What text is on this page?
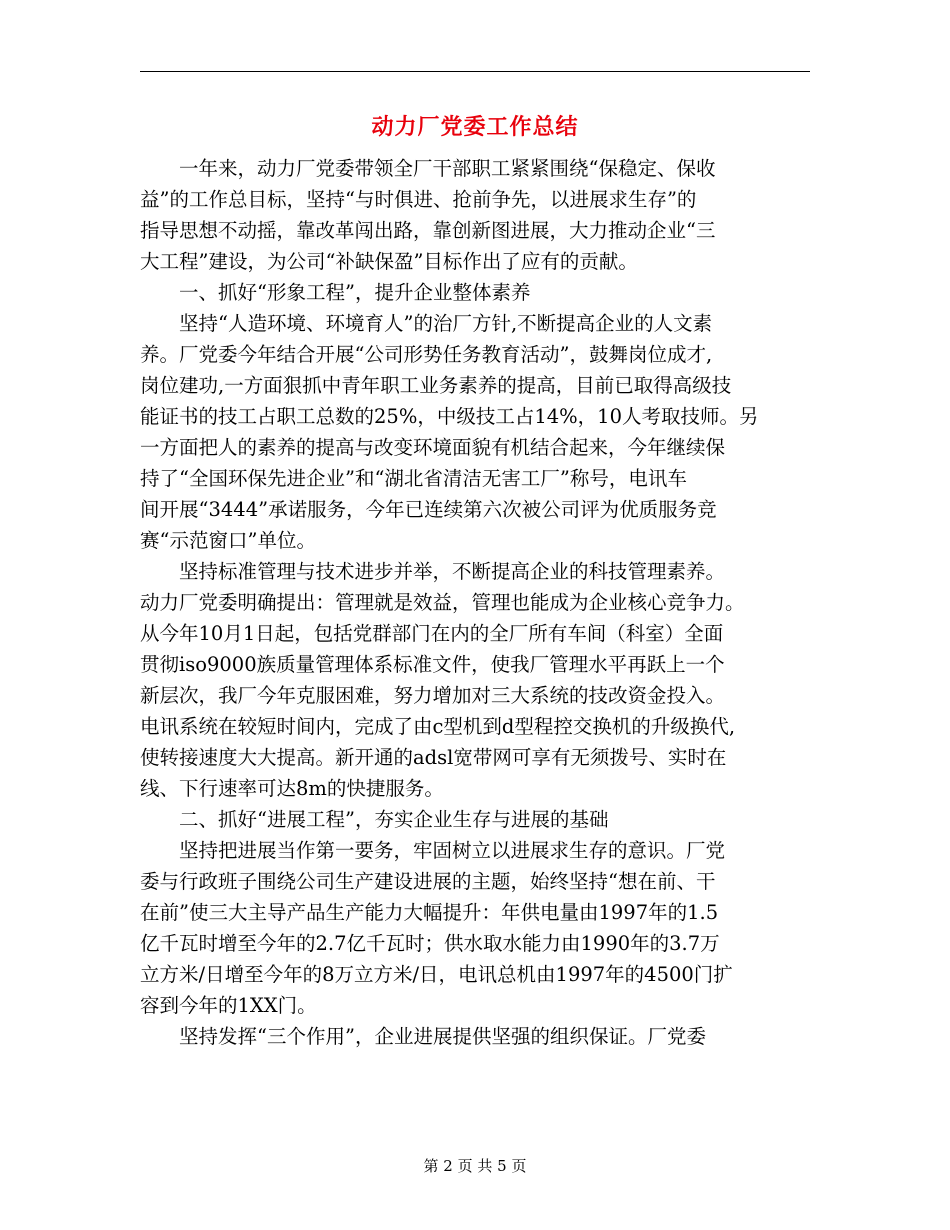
动力厂党委工作总结
　　一年来，动力厂党委带领全厂干部职工紧紧围绕“保稳定、保收
益”的工作总目标，坚持“与时俱进、抢前争先，以进展求生存”的
指导思想不动摇，靠改革闯出路，靠创新图进展，大力推动企业“三
大工程”建设，为公司“补缺保盈”目标作出了应有的贡献。
　　一、抓好“形象工程”，提升企业整体素养
　　坚持“人造环境、环境育人”的治厂方针,不断提高企业的人文素
养。厂党委今年结合开展“公司形势任务教育活动”，鼓舞岗位成才,
岗位建功,一方面狠抓中青年职工业务素养的提高，目前已取得高级技
能证书的技工占职工总数的25%，中级技工占14%，10人考取技师。另
一方面把人的素养的提高与改变环境面貌有机结合起来，今年继续保
持了“全国环保先进企业”和“湖北省清洁无害工厂”称号，电讯车
间开展“3444”承诺服务，今年已连续第六次被公司评为优质服务竞
赛“示范窗口”单位。
　　坚持标准管理与技术进步并举，不断提高企业的科技管理素养。
动力厂党委明确提出：管理就是效益，管理也能成为企业核心竞争力。
从今年10月1日起，包括党群部门在内的全厂所有车间（科室）全面
贯彻iso9000族质量管理体系标准文件，使我厂管理水平再跃上一个
新层次，我厂今年克服困难，努力增加对三大系统的技改资金投入。
电讯系统在较短时间内，完成了由c型机到d型程控交换机的升级换代,
使转接速度大大提高。新开通的adsl宽带网可享有无须拨号、实时在
线、下行速率可达8m的快捷服务。
　　二、抓好“进展工程”，夯实企业生存与进展的基础
　　坚持把进展当作第一要务，牢固树立以进展求生存的意识。厂党
委与行政班子围绕公司生产建设进展的主题，始终坚持“想在前、干
在前”使三大主导产品生产能力大幅提升：年供电量由1997年的1.5
亿千瓦时增至今年的2.7亿千瓦时；供水取水能力由1990年的3.7万
立方米/日增至今年的8万立方米/日，电讯总机由1997年的4500门扩
容到今年的1XX门。
　　坚持发挥“三个作用”，企业进展提供坚强的组织保证。厂党委
第 2 页 共 5 页
